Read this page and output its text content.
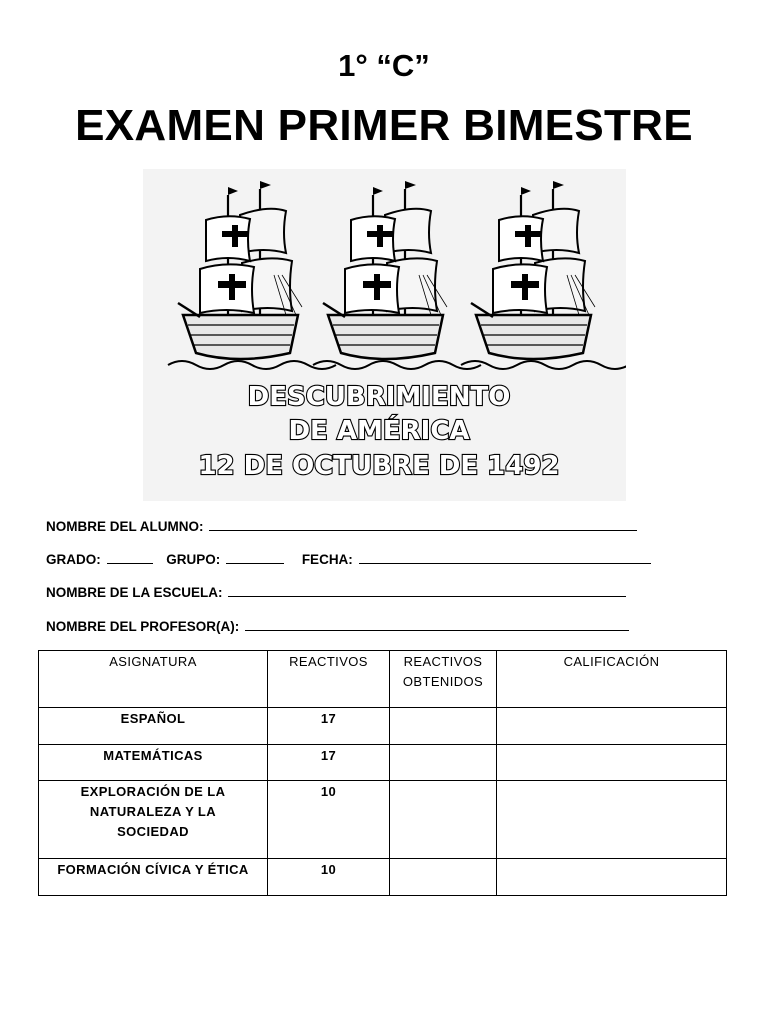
1° “C”
EXAMEN PRIMER BIMESTRE
DESCUBRIMIENTO
DE AMÉRICA
12 DE OCTUBRE DE 1492
NOMBRE DEL ALUMNO:
GRADO:	GRUPO:	FECHA:
NOMBRE DE LA ESCUELA:
NOMBRE DEL PROFESOR(A):
ASIGNATURA	REACTIVOS	REACTIVOS OBTENIDOS	CALIFICACIÓN
ESPAÑOL	17		
MATEMÁTICAS	17		
EXPLORACIÓN DE LA NATURALEZA Y LA SOCIEDAD	10		
FORMACIÓN CÍVICA Y ÉTICA	10		
